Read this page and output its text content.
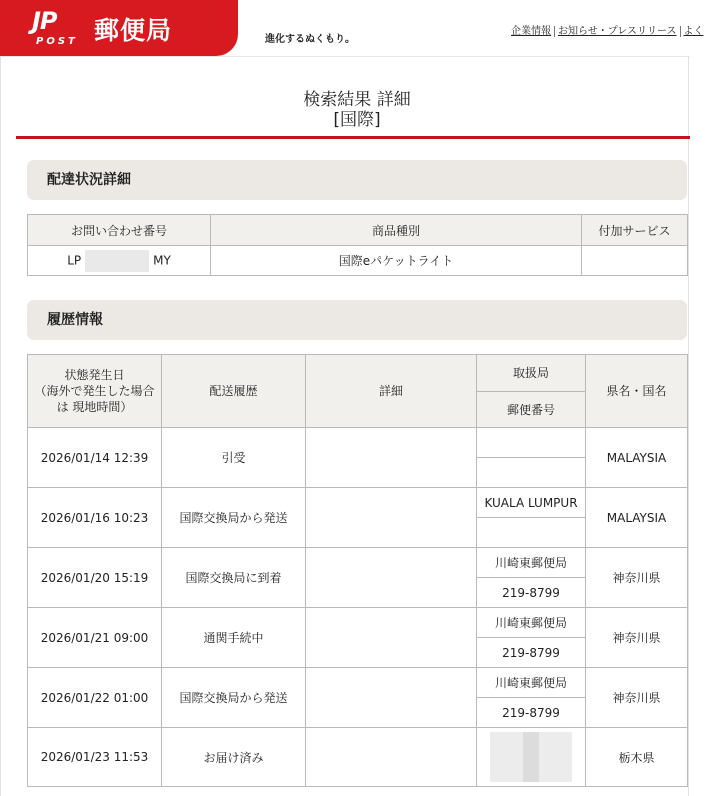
JP
POST 郵便局	進化するぬくもり。
企業情報 お知らせ・プレスリリース よく
検索結果 詳細
[国際]
配達状況詳細
お問い合わせ番号	商品種別	付加サービス
LP MY	国際eパケットライト	
履歴情報
状態発生日
（海外で発生した場合は 現地時間）	配送履歴	詳細	取扱局	県名・国名
			郵便番号	
2026/01/14 12:39	引受			MALAYSIA

2026/01/16 10:23	国際交換局から発送		KUALA LUMPUR	MALAYSIA

2026/01/20 15:19	国際交換局に到着		川崎東郵便局	神奈川県
			219-8799	
2026/01/21 09:00	通関手続中		川崎東郵便局	神奈川県
			219-8799	
2026/01/22 01:00	国際交換局から発送		川崎東郵便局	神奈川県
			219-8799	
2026/01/23 11:53	お届け済み			栃木県
